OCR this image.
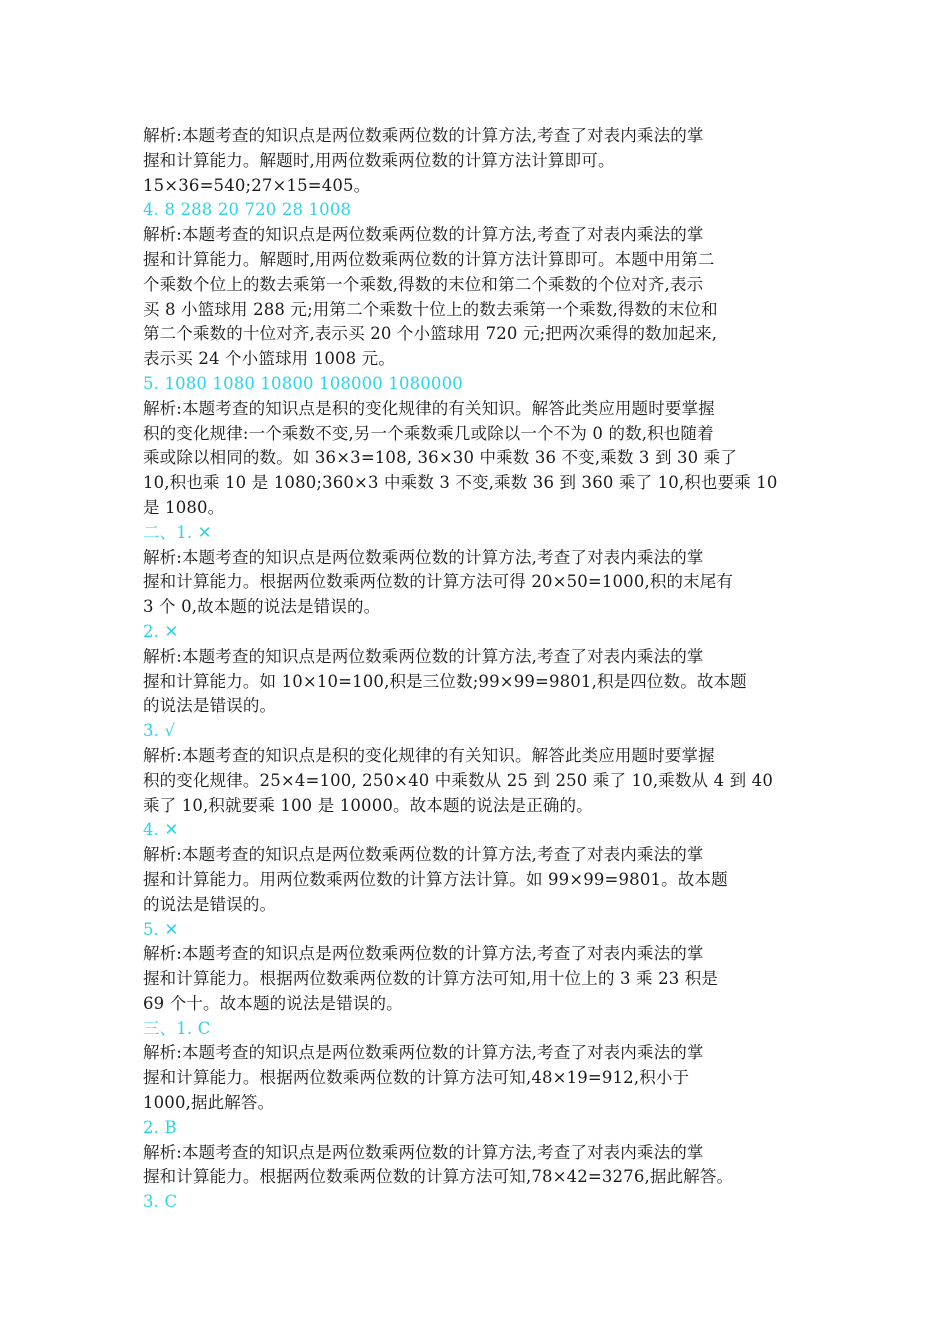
解析:本题考查的知识点是两位数乘两位数的计算方法,考查了对表内乘法的掌
握和计算能力。解题时,用两位数乘两位数的计算方法计算即可。
15×36=540;27×15=405。
4. 8 288 20 720 28 1008
解析:本题考查的知识点是两位数乘两位数的计算方法,考查了对表内乘法的掌
握和计算能力。解题时,用两位数乘两位数的计算方法计算即可。本题中用第二
个乘数个位上的数去乘第一个乘数,得数的末位和第二个乘数的个位对齐,表示
买 8 小篮球用 288 元;用第二个乘数十位上的数去乘第一个乘数,得数的末位和
第二个乘数的十位对齐,表示买 20 个小篮球用 720 元;把两次乘得的数加起来,
表示买 24 个小篮球用 1008 元。
5. 1080 1080 10800 108000 1080000
解析:本题考查的知识点是积的变化规律的有关知识。解答此类应用题时要掌握
积的变化规律:一个乘数不变,另一个乘数乘几或除以一个不为 0 的数,积也随着
乘或除以相同的数。如 36×3=108, 36×30 中乘数 36 不变,乘数 3 到 30 乘了
10,积也乘 10 是 1080;360×3 中乘数 3 不变,乘数 36 到 360 乘了 10,积也要乘 10
是 1080。
二、1. ✕
解析:本题考查的知识点是两位数乘两位数的计算方法,考查了对表内乘法的掌
握和计算能力。根据两位数乘两位数的计算方法可得 20×50=1000,积的末尾有
3 个 0,故本题的说法是错误的。
2. ✕
解析:本题考查的知识点是两位数乘两位数的计算方法,考查了对表内乘法的掌
握和计算能力。如 10×10=100,积是三位数;99×99=9801,积是四位数。故本题
的说法是错误的。
3. √
解析:本题考查的知识点是积的变化规律的有关知识。解答此类应用题时要掌握
积的变化规律。25×4=100, 250×40 中乘数从 25 到 250 乘了 10,乘数从 4 到 40
乘了 10,积就要乘 100 是 10000。故本题的说法是正确的。
4. ✕
解析:本题考查的知识点是两位数乘两位数的计算方法,考查了对表内乘法的掌
握和计算能力。用两位数乘两位数的计算方法计算。如 99×99=9801。故本题
的说法是错误的。
5. ✕
解析:本题考查的知识点是两位数乘两位数的计算方法,考查了对表内乘法的掌
握和计算能力。根据两位数乘两位数的计算方法可知,用十位上的 3 乘 23 积是
69 个十。故本题的说法是错误的。
三、1. C
解析:本题考查的知识点是两位数乘两位数的计算方法,考查了对表内乘法的掌
握和计算能力。根据两位数乘两位数的计算方法可知,48×19=912,积小于
1000,据此解答。
2. B
解析:本题考查的知识点是两位数乘两位数的计算方法,考查了对表内乘法的掌
握和计算能力。根据两位数乘两位数的计算方法可知,78×42=3276,据此解答。
3. C
